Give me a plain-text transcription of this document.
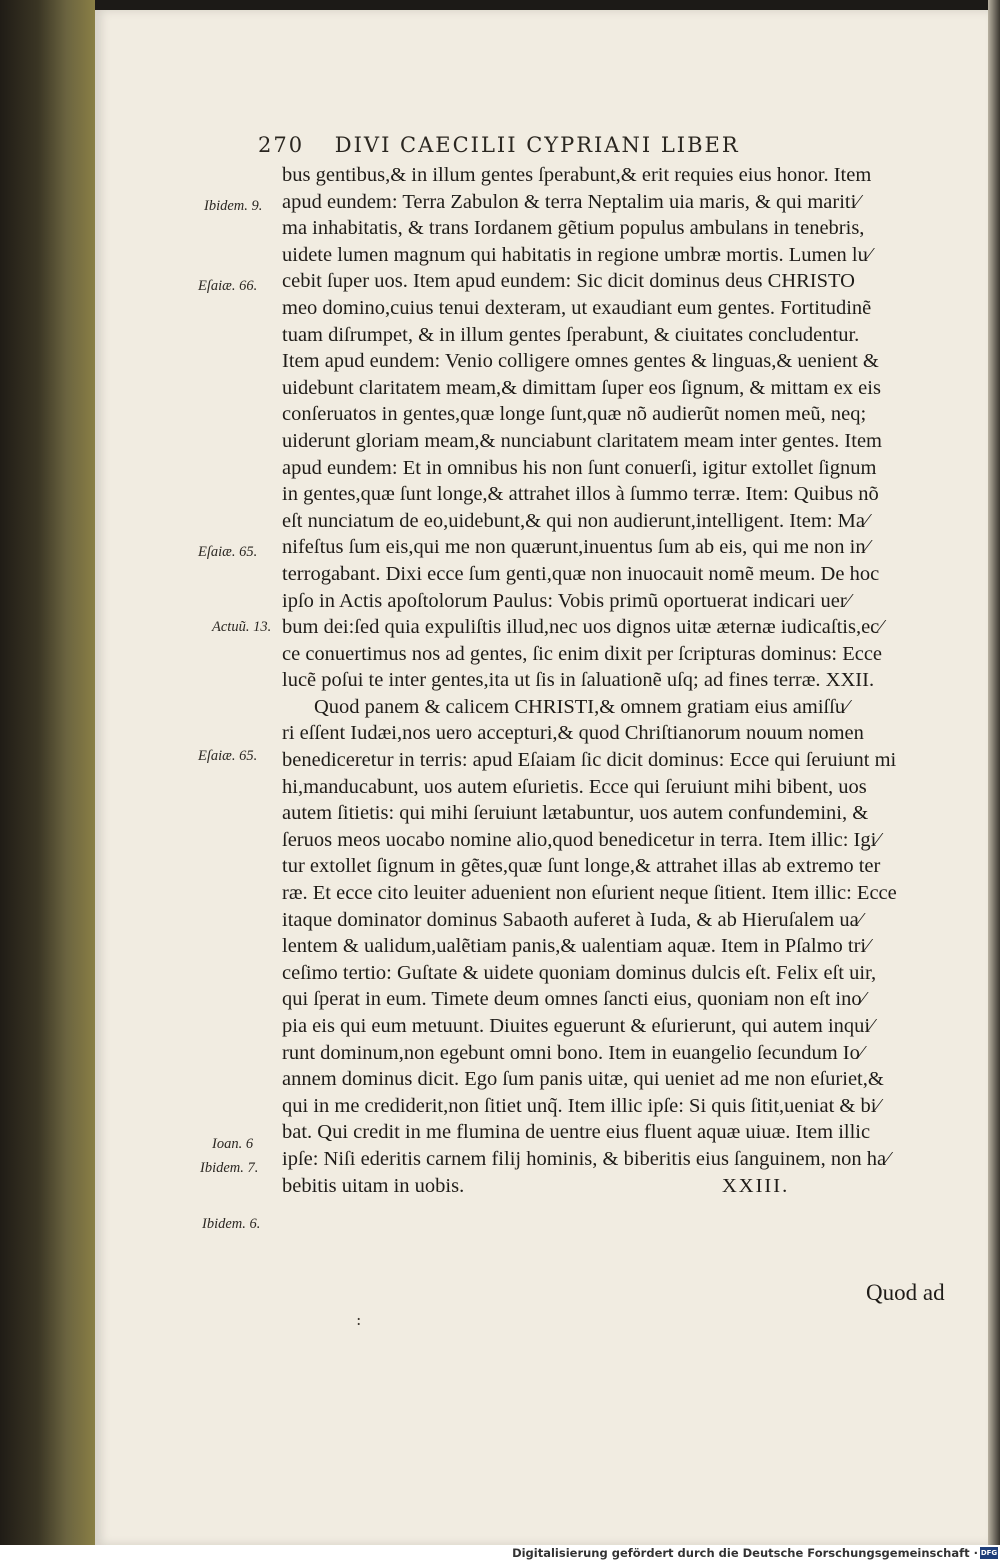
270 DIVI CAECILII CYPRIANI LIBER
bus gentibus,& in illum gentes ſperabunt,& erit requies eius honor. Item
apud eundem: Terra Zabulon & terra Neptalim uia maris, & qui mariti⁄
ma inhabitatis, & trans Iordanem gẽtium populus ambulans in tenebris,
uidete lumen magnum qui habitatis in regione umbræ mortis. Lumen lu⁄
cebit ſuper uos. Item apud eundem: Sic dicit dominus deus CHRISTO
meo domino,cuius tenui dexteram, ut exaudiant eum gentes. Fortitudinẽ
tuam diſrumpet, & in illum gentes ſperabunt, & ciuitates concludentur.
Item apud eundem: Venio colligere omnes gentes & linguas,& uenient &
uidebunt claritatem meam,& dimittam ſuper eos ſignum, & mittam ex eis
conſeruatos in gentes,quæ longe ſunt,quæ nõ audierũt nomen meũ, neq;
uiderunt gloriam meam,& nunciabunt claritatem meam inter gentes. Item
apud eundem: Et in omnibus his non ſunt conuerſi, igitur extollet ſignum
in gentes,quæ ſunt longe,& attrahet illos à ſummo terræ. Item: Quibus nõ
eſt nunciatum de eo,uidebunt,& qui non audierunt,intelligent. Item: Ma⁄
nifeſtus ſum eis,qui me non quærunt,inuentus ſum ab eis, qui me non in⁄
terrogabant. Dixi ecce ſum genti,quæ non inuocauit nomẽ meum. De hoc
ipſo in Actis apoſtolorum Paulus: Vobis primũ oportuerat indicari uer⁄
bum dei:ſed quia expuliſtis illud,nec uos dignos uitæ æternæ iudicaſtis,ec⁄
ce conuertimus nos ad gentes, ſic enim dixit per ſcripturas dominus: Ecce
lucẽ poſui te inter gentes,ita ut ſis in ſaluationẽ uſq; ad fines terræ. XXII.
Quod panem & calicem CHRISTI,& omnem gratiam eius amiſſu⁄
ri eſſent Iudæi,nos uero accepturi,& quod Chriſtianorum nouum nomen
benediceretur in terris: apud Eſaiam ſic dicit dominus: Ecce qui ſeruiunt mi
hi,manducabunt, uos autem eſurietis. Ecce qui ſeruiunt mihi bibent, uos
autem ſitietis: qui mihi ſeruiunt lætabuntur, uos autem confundemini, &
ſeruos meos uocabo nomine alio,quod benedicetur in terra. Item illic: Igi⁄
tur extollet ſignum in gẽtes,quæ ſunt longe,& attrahet illas ab extremo ter
ræ. Et ecce cito leuiter aduenient non eſurient neque ſitient. Item illic: Ecce
itaque dominator dominus Sabaoth auferet à Iuda, & ab Hieruſalem ua⁄
lentem & ualidum,ualẽtiam panis,& ualentiam aquæ. Item in Pſalmo tri⁄
ceſimo tertio: Guſtate & uidete quoniam dominus dulcis eſt. Felix eſt uir,
qui ſperat in eum. Timete deum omnes ſancti eius, quoniam non eſt ino⁄
pia eis qui eum metuunt. Diuites eguerunt & eſurierunt, qui autem inqui⁄
runt dominum,non egebunt omni bono. Item in euangelio ſecundum Io⁄
annem dominus dicit. Ego ſum panis uitæ, qui ueniet ad me non eſuriet,&
qui in me crediderit,non ſitiet unq̃. Item illic ipſe: Si quis ſitit,ueniat & bi⁄
bat. Qui credit in me flumina de uentre eius fluent aquæ uiuæ. Item illic
ipſe: Niſi ederitis carnem filij hominis, & biberitis eius ſanguinem, non ha⁄
bebitis uitam in uobis.	XXIII.
Ibidem. 9.
Eſaiæ. 66.
Eſaiæ. 65.
Actuũ. 13.
Eſaiæ. 65.
Ioan. 6
Ibidem. 7.
Ibidem. 6.
Quod ad
:
Digitalisierung gefördert durch die Deutsche Forschungsgemeinschaft · DFG
